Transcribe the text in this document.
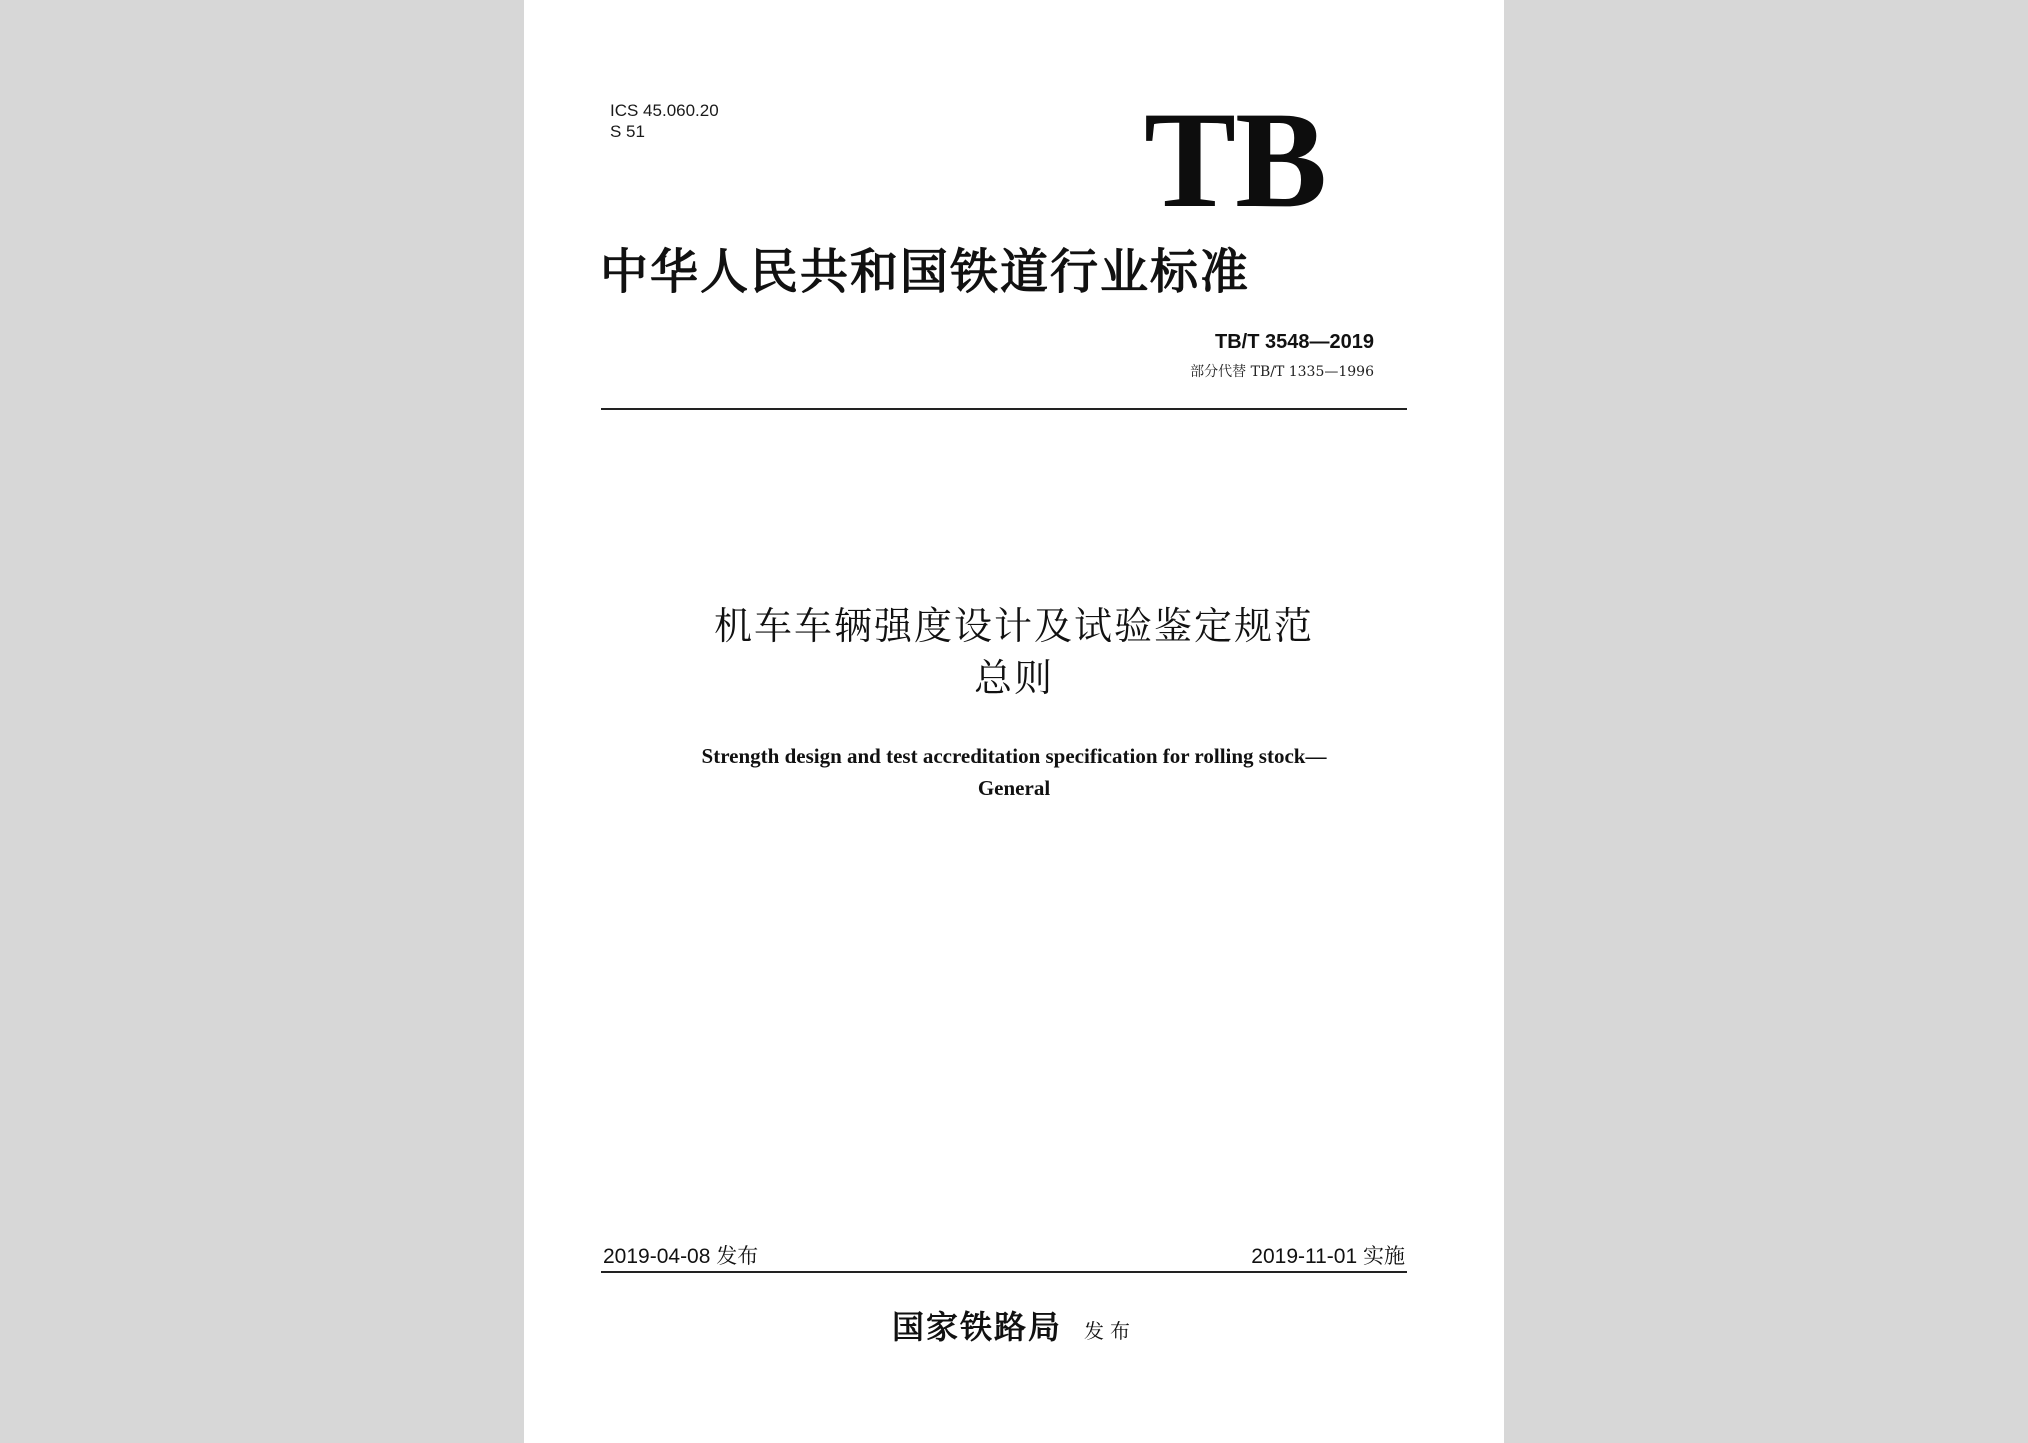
ICS 45.060.20
S 51	TB
中华人民共和国铁道行业标准
TB/T 3548—2019
部分代替 TB/T 1335—1996
机车车辆强度设计及试验鉴定规范
总则
Strength design and test accreditation specification for rolling stock—
General
2019-04-08 发布	2019-11-01 实施
国家铁路局 发布
